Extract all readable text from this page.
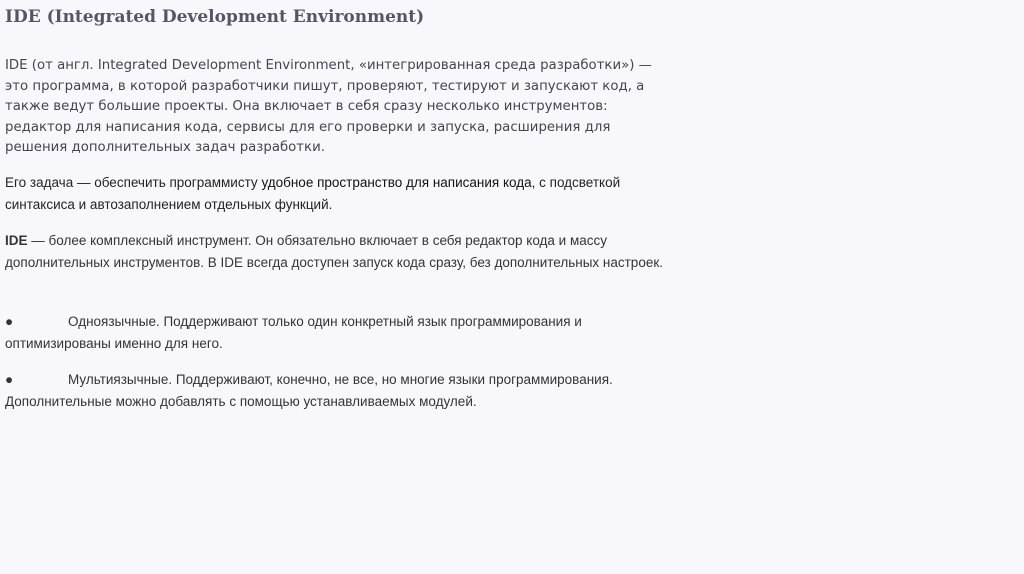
IDE (Integrated Development Environment)

IDE (от англ. Integrated Development Environment, «интегрированная среда разработки») — это программа, в которой разработчики пишут, проверяют, тестируют и запускают код, а также ведут большие проекты. Она включает в себя сразу несколько инструментов: редактор для написания кода, сервисы для его проверки и запуска, расширения для решения дополнительных задач разработки.

Его задача — обеспечить программисту удобное пространство для написания кода, с подсветкой синтаксиса и автозаполнением отдельных функций.

IDE — более комплексный инструмент. Он обязательно включает в себя редактор кода и массу дополнительных инструментов. В IDE всегда доступен запуск кода сразу, без дополнительных настроек.

●	Одноязычные. Поддерживают только один конкретный язык программирования и оптимизированы именно для него.

●	Мультиязычные. Поддерживают, конечно, не все, но многие языки программирования. Дополнительные можно добавлять с помощью устанавливаемых модулей.
